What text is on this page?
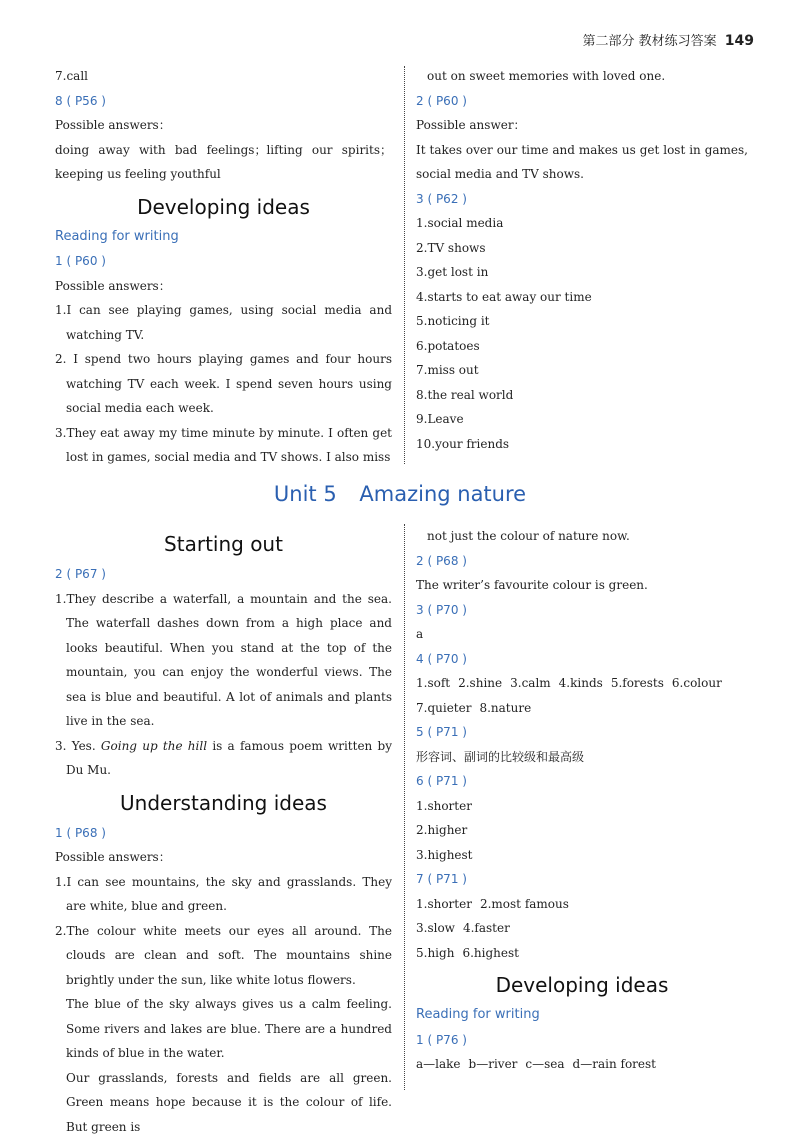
第二部分 教材练习答案 149
7.call
8 ( P56 )
Possible answers：
doing away with bad feelings；lifting our spirits；keeping us feeling youthful
Developing ideas
Reading for writing
1 ( P60 )
Possible answers：
1.I can see playing games, using social media and watching TV.
2. I spend two hours playing games and four hours watching TV each week. I spend seven hours using social media each week.
3.They eat away my time minute by minute. I often get lost in games, social media and TV shows. I also miss
out on sweet memories with loved one.
2 ( P60 )
Possible answer：
It takes over our time and makes us get lost in games, social media and TV shows.
3 ( P62 )
1.social media
2.TV shows
3.get lost in
4.starts to eat away our time
5.noticing it
6.potatoes
7.miss out
8.the real world
9.Leave
10.your friends
Unit 5 Amazing nature
Starting out
2 ( P67 )
1.They describe a waterfall, a mountain and the sea. The waterfall dashes down from a high place and looks beautiful. When you stand at the top of the mountain, you can enjoy the wonderful views. The sea is blue and beautiful. A lot of animals and plants live in the sea.
3. Yes. Going up the hill is a famous poem written by Du Mu.
Understanding ideas
1 ( P68 )
Possible answers：
1.I can see mountains, the sky and grasslands. They are white, blue and green.
2.The colour white meets our eyes all around. The clouds are clean and soft. The mountains shine brightly under the sun, like white lotus flowers.
The blue of the sky always gives us a calm feeling. Some rivers and lakes are blue. There are a hundred kinds of blue in the water.
Our grasslands, forests and fields are all green. Green means hope because it is the colour of life. But green is
not just the colour of nature now.
2 ( P68 )
The writer’s favourite colour is green.
3 ( P70 )
a
4 ( P70 )
1.soft 2.shine 3.calm 4.kinds 5.forests 6.colour
7.quieter 8.nature
5 ( P71 )
形容词、副词的比较级和最高级
6 ( P71 )
1.shorter
2.higher
3.highest
7 ( P71 )
1.shorter 2.most famous
3.slow 4.faster
5.high 6.highest
Developing ideas
Reading for writing
1 ( P76 )
a—lake b—river c—sea d—rain forest
